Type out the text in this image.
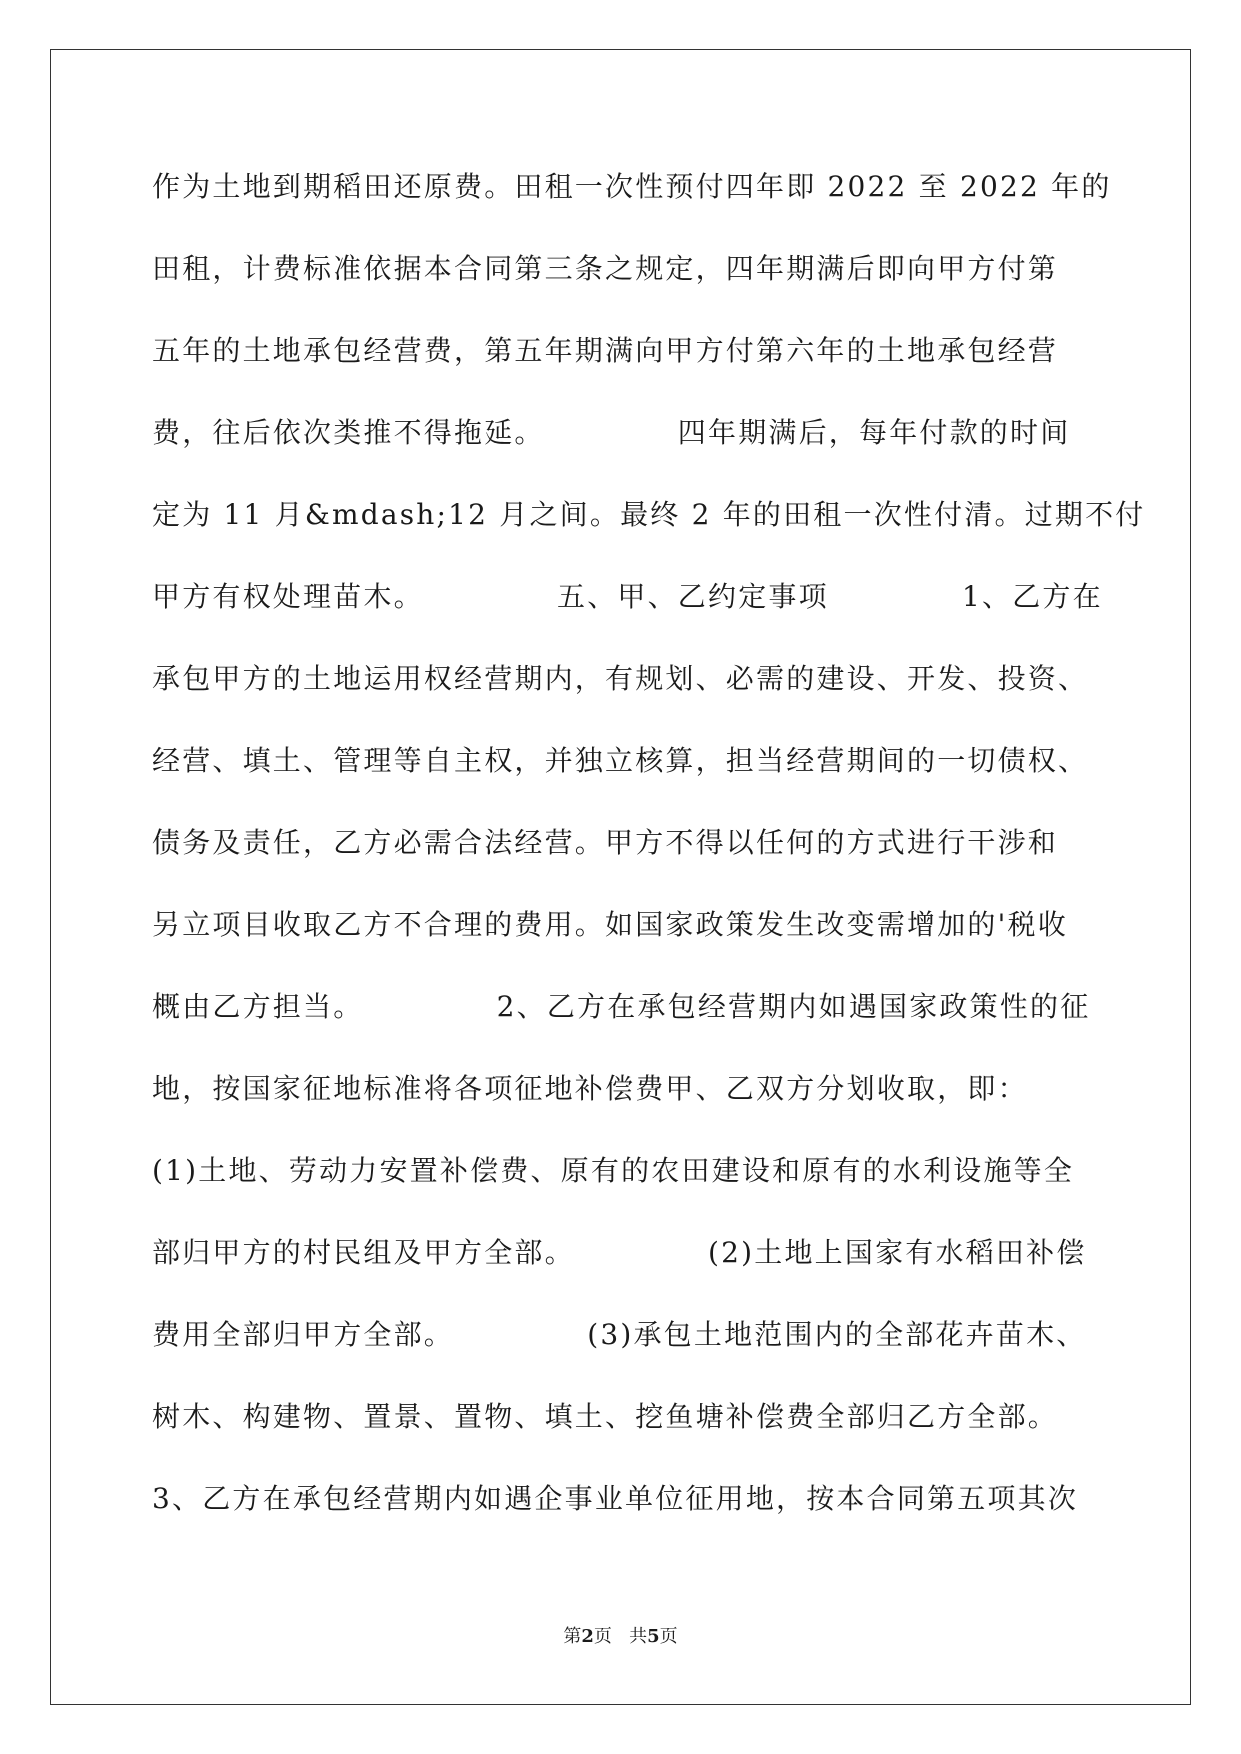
作为土地到期稻田还原费。田租一次性预付四年即 2022 至 2022 年的
田租，计费标准依据本合同第三条之规定，四年期满后即向甲方付第
五年的土地承包经营费，第五年期满向甲方付第六年的土地承包经营
费，往后依次类推不得拖延。            四年期满后，每年付款的时间
定为 11 月&mdash;12 月之间。最终 2 年的田租一次性付清。过期不付
甲方有权处理苗木。            五、甲、乙约定事项            1、乙方在
承包甲方的土地运用权经营期内，有规划、必需的建设、开发、投资、
经营、填土、管理等自主权，并独立核算，担当经营期间的一切债权、
债务及责任，乙方必需合法经营。甲方不得以任何的方式进行干涉和
另立项目收取乙方不合理的费用。如国家政策发生改变需增加的'税收
概由乙方担当。            2、乙方在承包经营期内如遇国家政策性的征
地，按国家征地标准将各项征地补偿费甲、乙双方分划收取，即：
(1)土地、劳动力安置补偿费、原有的农田建设和原有的水利设施等全
部归甲方的村民组及甲方全部。            (2)土地上国家有水稻田补偿
费用全部归甲方全部。            (3)承包土地范围内的全部花卉苗木、
树木、构建物、置景、置物、填土、挖鱼塘补偿费全部归乙方全部。
3、乙方在承包经营期内如遇企事业单位征用地，按本合同第五项其次
第2页 共5页
